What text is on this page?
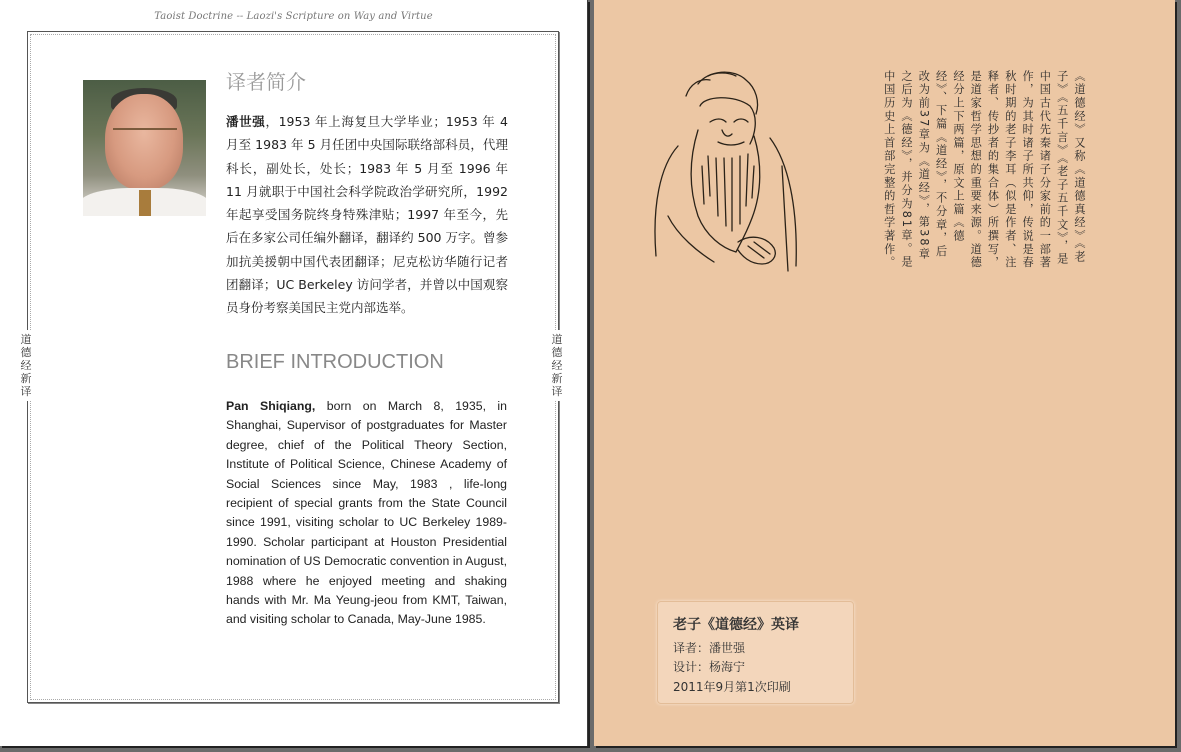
Taoist Doctrine -- Laozi's Scripture on Way and Virtue
道德经新译
道德经新译
译者简介
潘世强，1953 年上海复旦大学毕业；1953 年 4 月至 1983 年 5 月任团中央国际联络部科员，代理科长，副处长，处长；1983 年 5 月至 1996 年 11 月就职于中国社会科学院政治学研究所，1992 年起享受国务院终身特殊津贴；1997 年至今，先后在多家公司任编外翻译，翻译约 500 万字。曾参加抗美援朝中国代表团翻译；尼克松访华随行记者团翻译；UC Berkeley 访问学者，并曾以中国观察员身份考察美国民主党内部选举。
BRIEF INTRODUCTION
Pan Shiqiang, born on March 8, 1935, in Shanghai, Supervisor of postgraduates for Master degree, chief of the Political Theory Section, Institute of Political Science, Chinese Academy of Social Sciences since May, 1983 , life-long recipient of special grants from the State Council since 1991, visiting scholar to UC Berkeley 1989-1990. Scholar participant at Houston Presidential nomination of US Democratic convention in August, 1988 where he enjoyed meeting and shaking hands with Mr. Ma Yeung-jeou from KMT, Taiwan, and visiting scholar to Canada, May-June 1985.
《道德经》又称《道德真经》《老子》《五千言》《老子五千文》，是中国古代先秦诸子分家前的一部著作，为其时诸子所共仰，传说是春秋时期的老子李耳（似是作者、注释者、传抄者的集合体）所撰写，是道家哲学思想的重要来源。道德经分上下两篇，原文上篇《德经》、下篇《道经》，不分章，后改为前37章为《道经》，第38章之后为《德经》，并分为81章。是中国历史上首部完整的哲学著作。
老子《道德经》英译
译者：潘世强
设计：杨海宁
2011年9月第1次印刷
